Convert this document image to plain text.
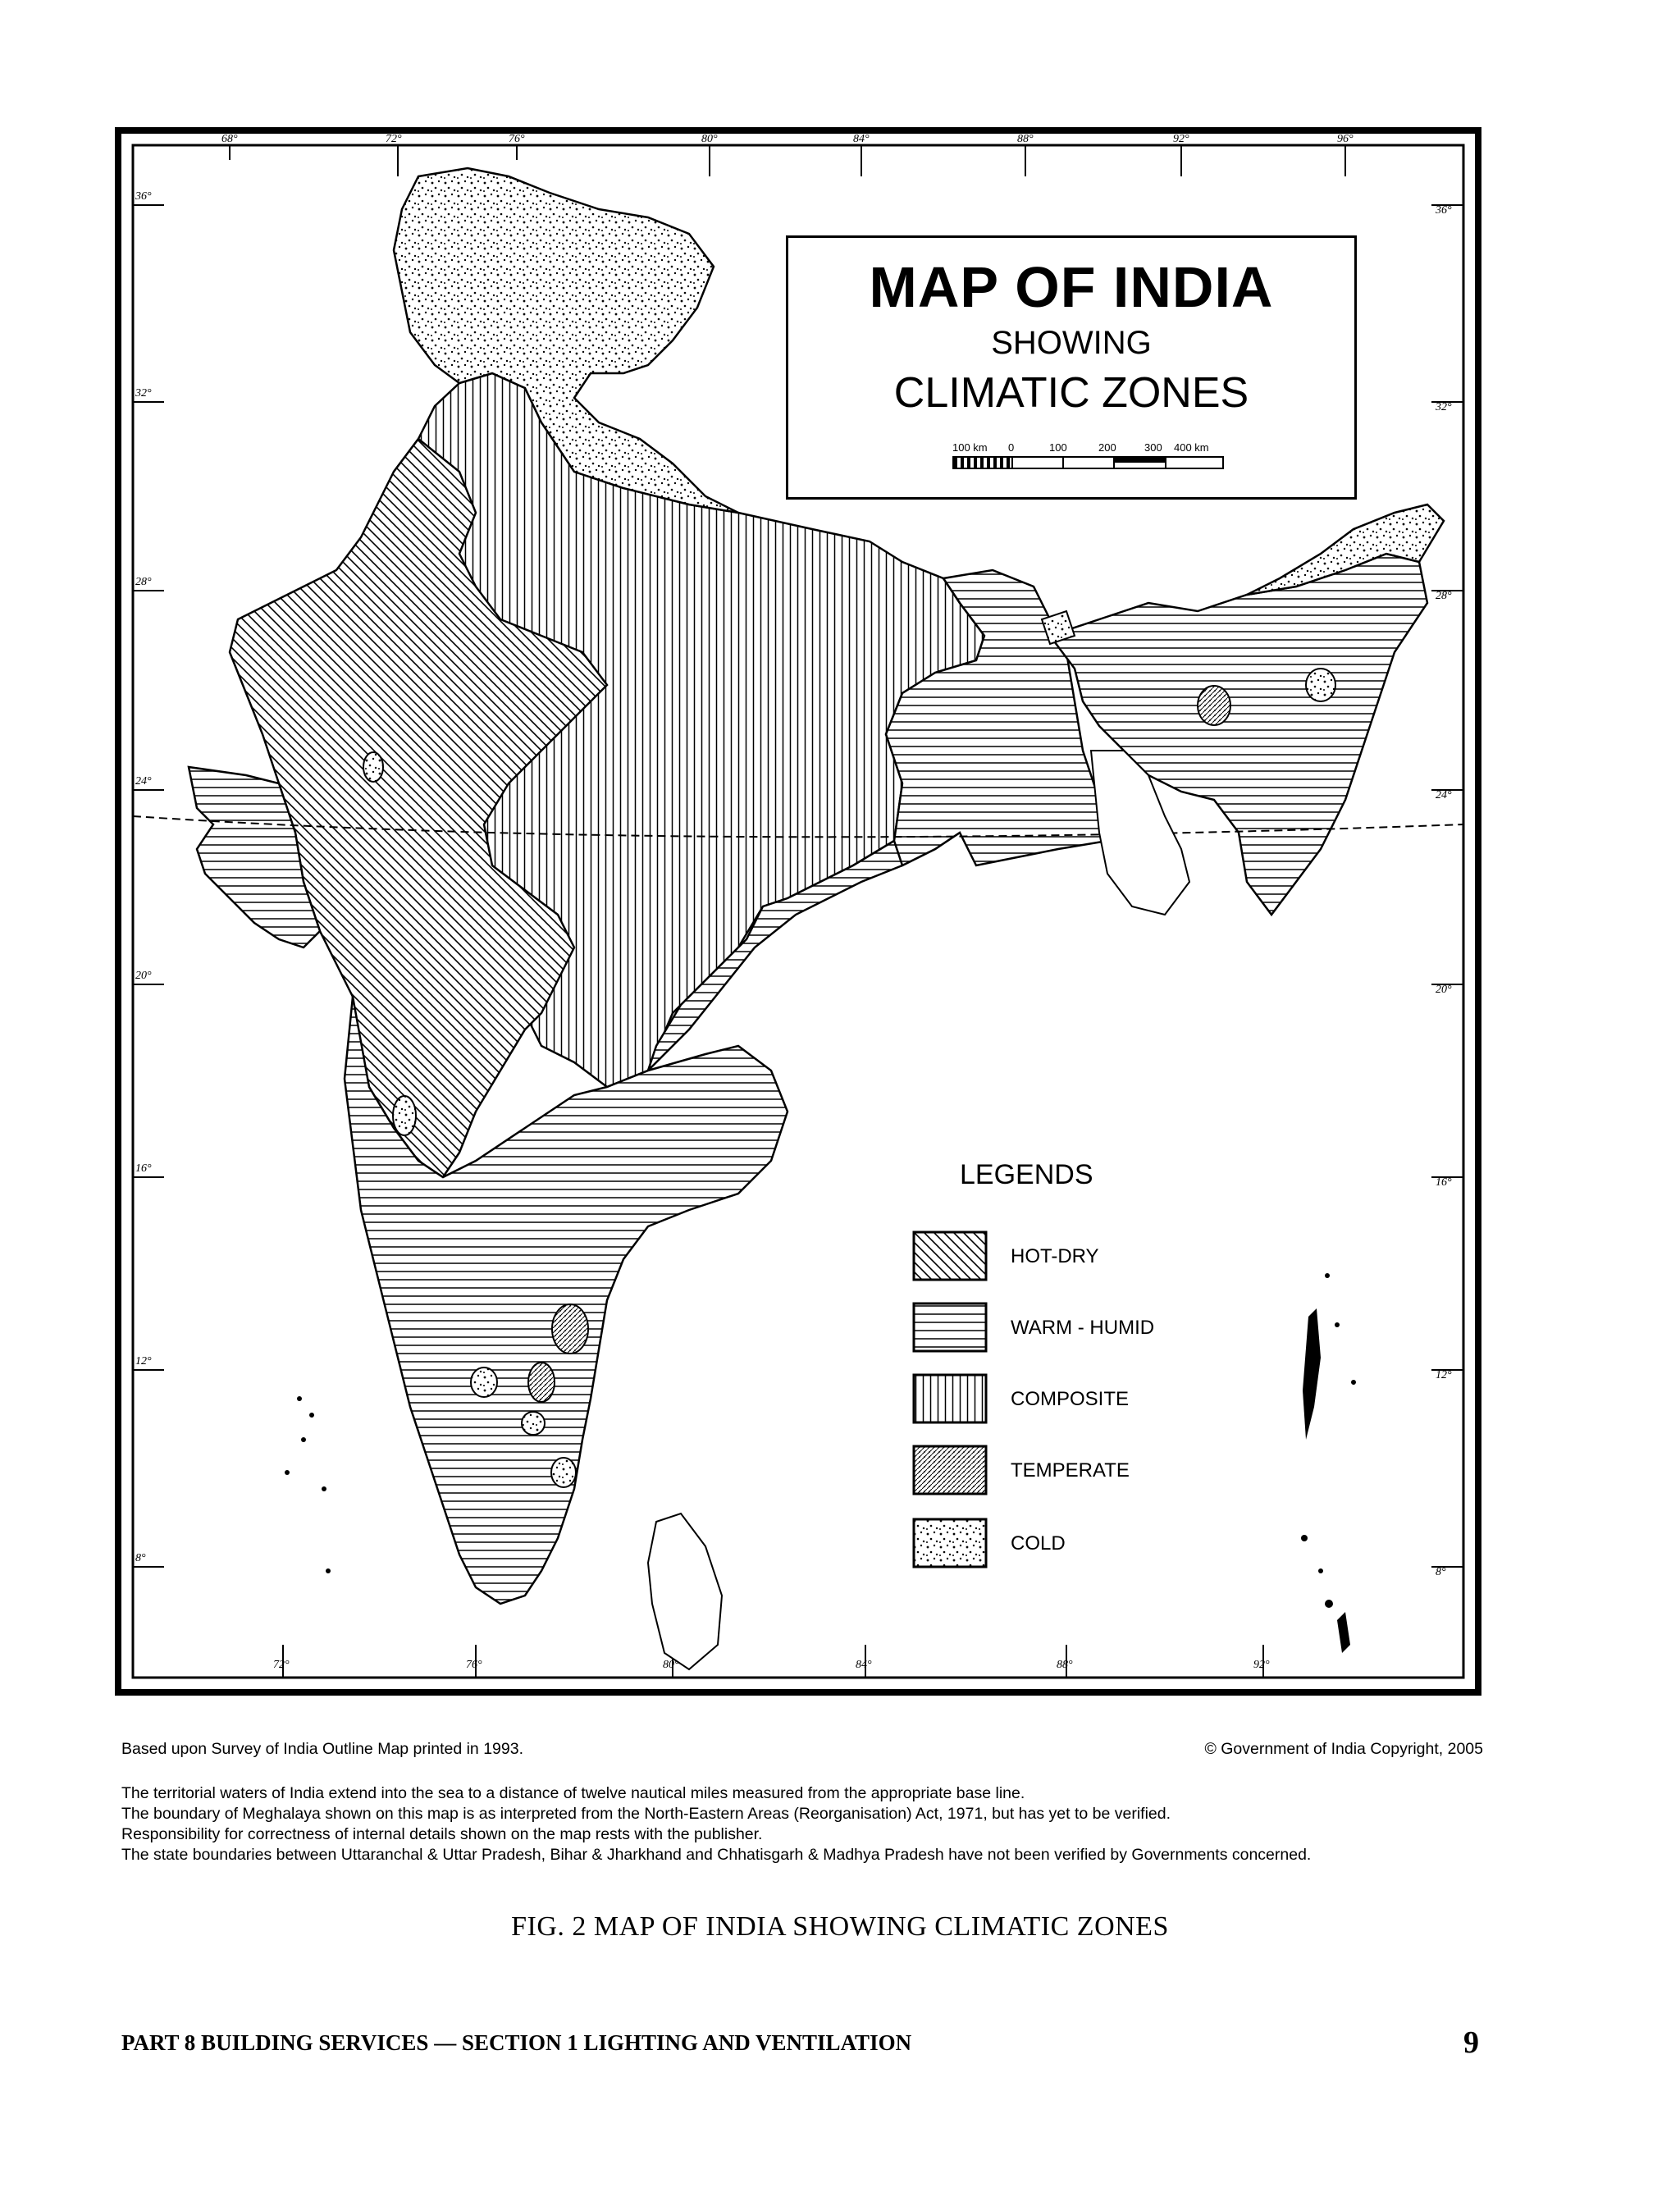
68°	72°	76°	80°	84°	88°	92°	96°
72°	76°	80°	84°	88°	92°
36°
32°
28°
24°
20°
16°
12°
8°
36°
32°
28°
24°
20°
16°
12°
8°
MAP OF INDIA
SHOWING
CLIMATIC ZONES
100 km 0	100	200	300 400 km
LEGENDS
HOT-DRY
WARM - HUMID
COMPOSITE
TEMPERATE
COLD
Based upon Survey of India Outline Map printed in 1993.	© Government of India Copyright, 2005
The territorial waters of India extend into the sea to a distance of twelve nautical miles measured from the appropriate base line.
The boundary of Meghalaya shown on this map is as interpreted from the North-Eastern Areas (Reorganisation) Act, 1971, but has yet to be verified.
Responsibility for correctness of internal details shown on the map rests with the publisher.
The state boundaries between Uttaranchal & Uttar Pradesh, Bihar & Jharkhand and Chhatisgarh & Madhya Pradesh have not been verified by Governments concerned.
FIG. 2 MAP OF INDIA SHOWING CLIMATIC ZONES
PART 8 BUILDING SERVICES — SECTION 1 LIGHTING AND VENTILATION	9
